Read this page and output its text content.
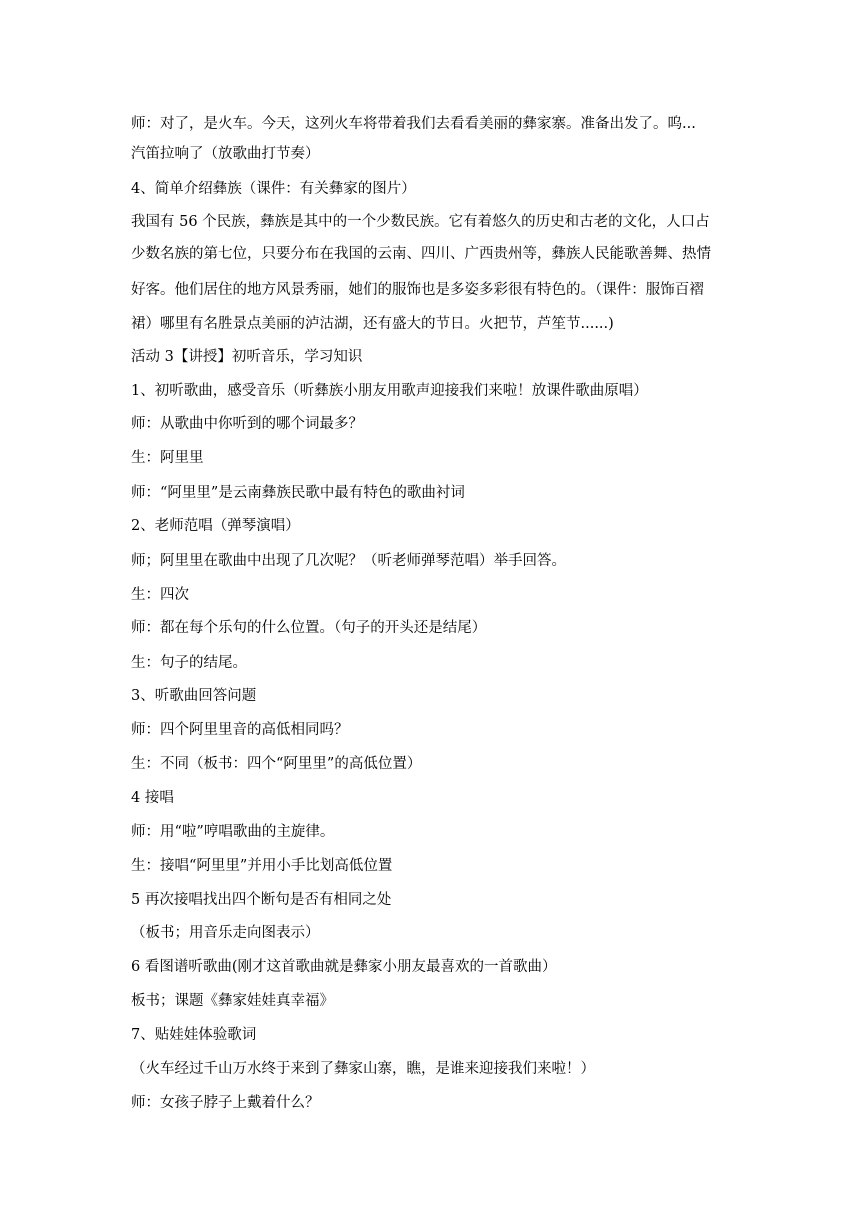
师：对了，是火车。今天，这列火车将带着我们去看看美丽的彝家寨。准备出发了。呜...
汽笛拉响了（放歌曲打节奏）
4、简单介绍彝族（课件：有关彝家的图片）
我国有 56 个民族，彝族是其中的一个少数民族。它有着悠久的历史和古老的文化，人口占
少数名族的第七位，只要分布在我国的云南、四川、广西贵州等，彝族人民能歌善舞、热情
好客。他们居住的地方风景秀丽，她们的服饰也是多姿多彩很有特色的。（课件：服饰百褶
裙）哪里有名胜景点美丽的泸沽湖，还有盛大的节日。火把节，芦笙节......)
活动 3【讲授】初听音乐，学习知识
1、初听歌曲，感受音乐（听彝族小朋友用歌声迎接我们来啦！放课件歌曲原唱）
师：从歌曲中你听到的哪个词最多？
生：阿里里
师：“阿里里”是云南彝族民歌中最有特色的歌曲衬词
2、老师范唱（弹琴演唱）
师；阿里里在歌曲中出现了几次呢？（听老师弹琴范唱）举手回答。
生：四次
师：都在每个乐句的什么位置。（句子的开头还是结尾）
生：句子的结尾。
3、听歌曲回答问题
师：四个阿里里音的高低相同吗？
生：不同（板书：四个“阿里里”的高低位置）
4 接唱
师：用“啦”哼唱歌曲的主旋律。
生：接唱“阿里里”并用小手比划高低位置
5 再次接唱找出四个断句是否有相同之处
（板书；用音乐走向图表示）
6 看图谱听歌曲(刚才这首歌曲就是彝家小朋友最喜欢的一首歌曲）
板书；课题《彝家娃娃真幸福》
7、贴娃娃体验歌词
（火车经过千山万水终于来到了彝家山寨，瞧，是谁来迎接我们来啦！）
师：女孩子脖子上戴着什么？
